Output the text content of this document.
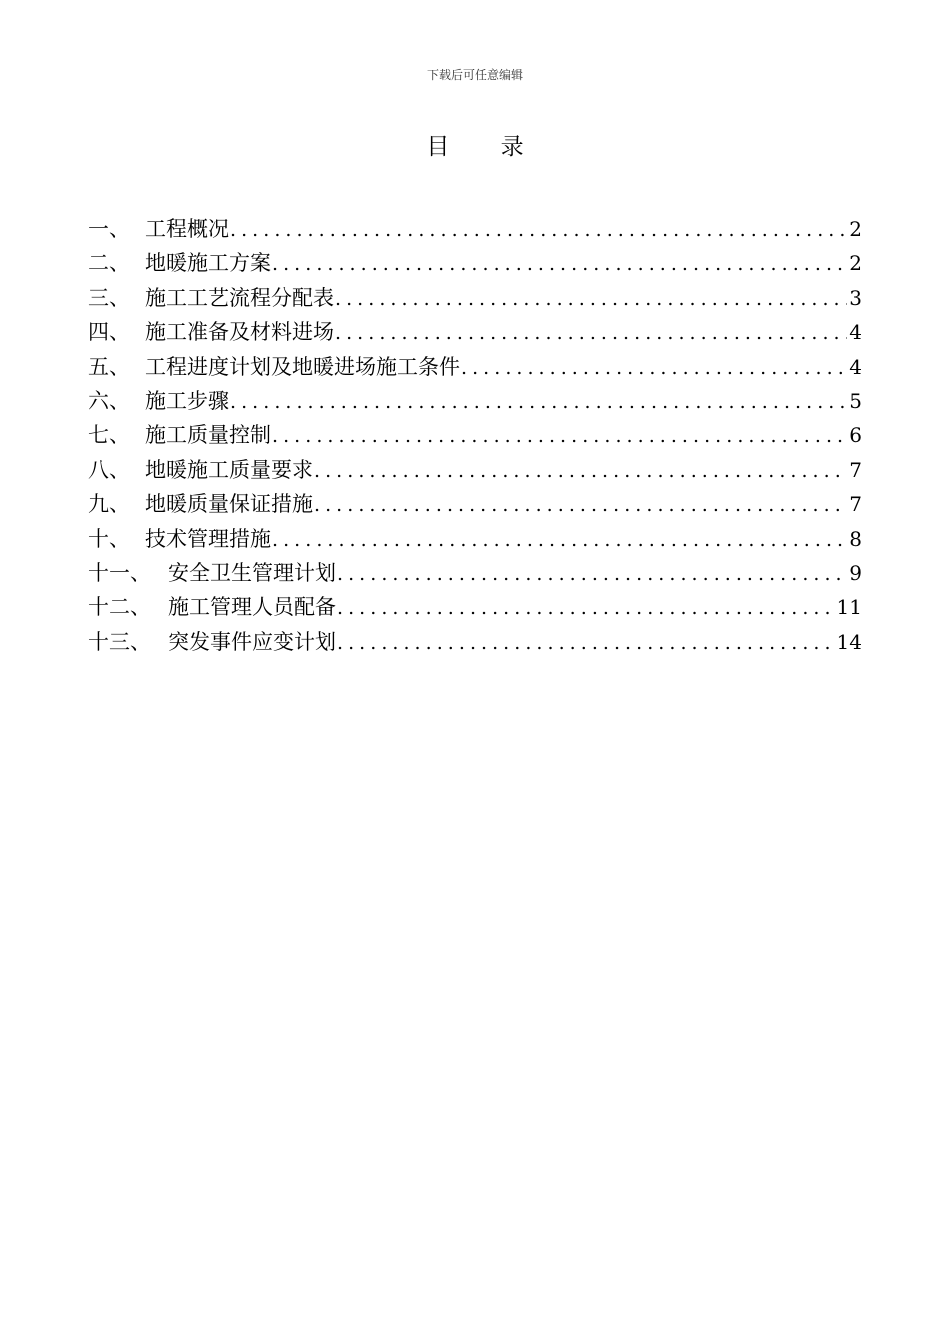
下载后可任意编辑
目 录
一、 工程概况 . . .	2
二、 地暖施工方案 . . .	2
三、 施工工艺流程分配表 . . .	3
四、 施工准备及材料进场 . . .	4
五、 工程进度计划及地暖进场施工条件 . . .	4
六、 施工步骤 . . .	5
七、 施工质量控制 . . .	6
八、 地暖施工质量要求 . . .	7
九、 地暖质量保证措施 . . .	7
十、 技术管理措施 . . .	8
十一、 安全卫生管理计划 . . .	9
十二、 施工管理人员配备 . . .	11
十三、 突发事件应变计划 . . .	14
